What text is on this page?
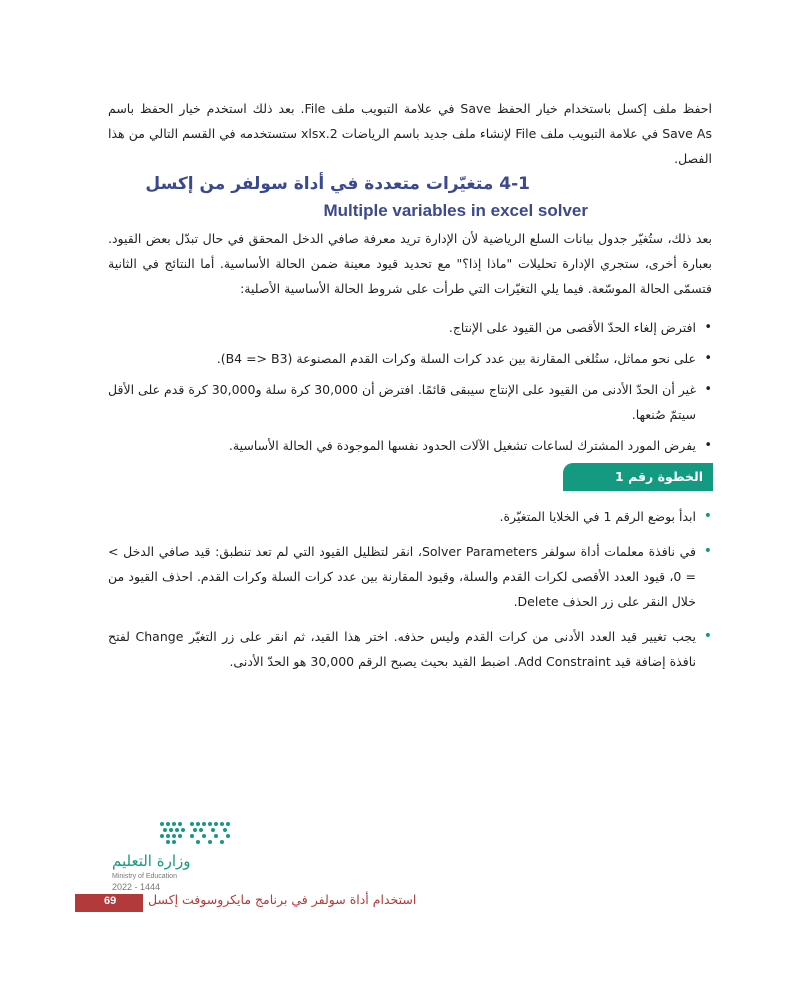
احفظ ملف إكسل باستخدام خيار الحفظ Save في علامة التبويب ملف File. بعد ذلك استخدم خيار الحفظ باسم Save As في علامة التبويب ملف File لإنشاء ملف جديد باسم الرياضات xlsx.2 ستستخدمه في القسم التالي من هذا الفصل.

4-1 متغيّرات متعددة في أداة سولفر من إكسل
Multiple variables in excel solver

بعد ذلك، ستُغيّر جدول بيانات السلع الرياضية لأن الإدارة تريد معرفة صافي الدخل المحقق في حال تبدّل بعض القيود. بعبارة أخرى، ستجري الإدارة تحليلات "ماذا إذا؟" مع تحديد قيود معينة ضمن الحالة الأساسية. أما النتائج في الثانية فتسمّى الحالة الموسّعة. فيما يلي التغيّرات التي طرأت على شروط الحالة الأساسية الأصلية:

• افترض إلغاء الحدّ الأقصى من القيود على الإنتاج.
• على نحو مماثل، ستُلغى المقارنة بين عدد كرات السلة وكرات القدم المصنوعة (B4 => B3).
• غير أن الحدّ الأدنى من القيود على الإنتاج سيبقى قائمًا. افترض أن 30,000 كرة سلة و30,000 كرة قدم على الأقل سيتمّ صُنعها.
• يفرض المورد المشترك لساعات تشغيل الآلات الحدود نفسها الموجودة في الحالة الأساسية.
الخطوة رقم 1
• ابدأ بوضع الرقم 1 في الخلايا المتغيّرة.
• في نافذة معلمات أداة سولفر Solver Parameters، انقر لتظليل القيود التي لم تعد تنطبق: قيد صافي الدخل > = 0، قيود العدد الأقصى لكرات القدم والسلة، وقيود المقارنة بين عدد كرات السلة وكرات القدم. احذف القيود من خلال النقر على زر الحذف Delete.
• يجب تغيير قيد العدد الأدنى من كرات القدم وليس حذفه. اختر هذا القيد، ثم انقر على زر التغيّر Change لفتح نافذة إضافة قيد Add Constraint. اضبط القيد بحيث يصبح الرقم 30,000 هو الحدّ الأدنى.
وزارة التعليم
Ministry of Education
2022 - 1444
69	استخدام أداة سولفر في برنامج مايكروسوفت إكسل
